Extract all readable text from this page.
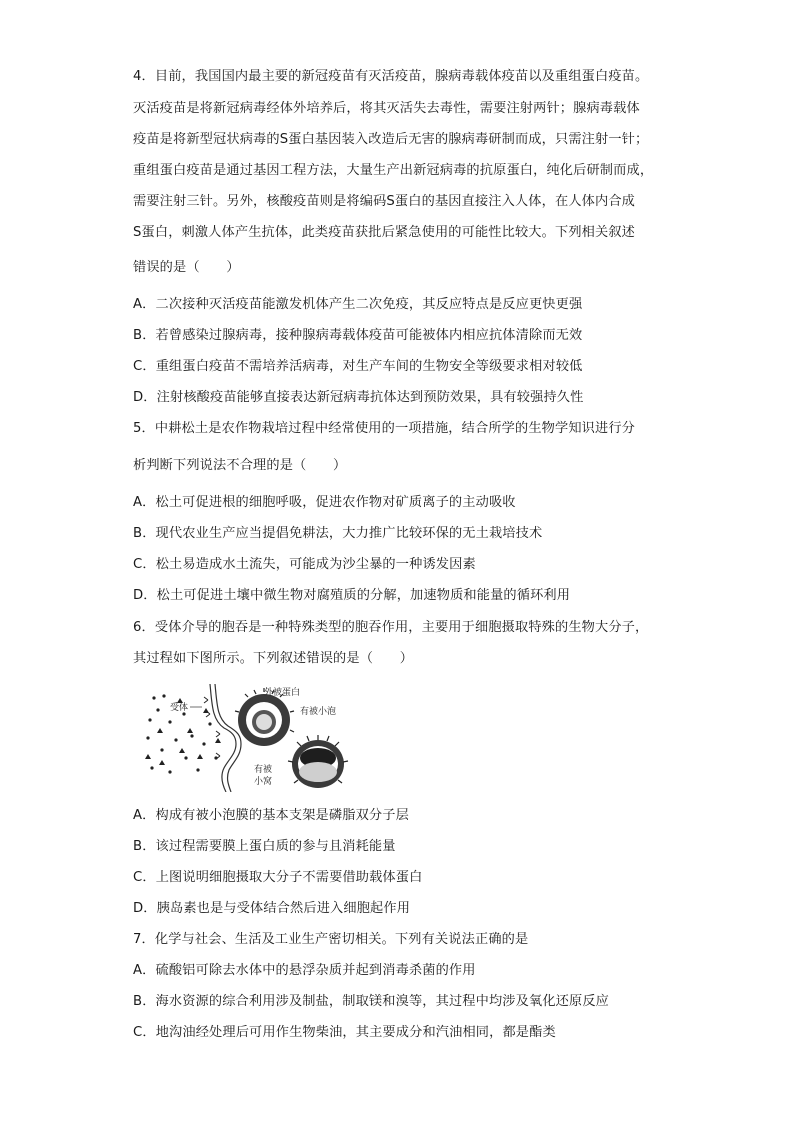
4．目前，我国国内最主要的新冠疫苗有灭活疫苗，腺病毒载体疫苗以及重组蛋白疫苗。
灭活疫苗是将新冠病毒经体外培养后，将其灭活失去毒性，需要注射两针；腺病毒载体
疫苗是将新型冠状病毒的S蛋白基因装入改造后无害的腺病毒研制而成，只需注射一针；
重组蛋白疫苗是通过基因工程方法，大量生产出新冠病毒的抗原蛋白，纯化后研制而成，
需要注射三针。另外，核酸疫苗则是将编码S蛋白的基因直接注入人体，在人体内合成
S蛋白，刺激人体产生抗体，此类疫苗获批后紧急使用的可能性比较大。下列相关叙述
错误的是（　　）
A．二次接种灭活疫苗能激发机体产生二次免疫，其反应特点是反应更快更强
B．若曾感染过腺病毒，接种腺病毒载体疫苗可能被体内相应抗体清除而无效
C．重组蛋白疫苗不需培养活病毒，对生产车间的生物安全等级要求相对较低
D．注射核酸疫苗能够直接表达新冠病毒抗体达到预防效果，具有较强持久性
5．中耕松土是农作物栽培过程中经常使用的一项措施，结合所学的生物学知识进行分
析判断下列说法不合理的是（　　）
A．松土可促进根的细胞呼吸，促进农作物对矿质离子的主动吸收
B．现代农业生产应当提倡免耕法，大力推广比较环保的无土栽培技术
C．松土易造成水土流失，可能成为沙尘暴的一种诱发因素
D．松土可促进土壤中微生物对腐殖质的分解，加速物质和能量的循环利用
6．受体介导的胞吞是一种特殊类型的胞吞作用，主要用于细胞摄取特殊的生物大分子，
其过程如下图所示。下列叙述错误的是（　　）
受体
外被蛋白
有被小泡
有被
小窝
A．构成有被小泡膜的基本支架是磷脂双分子层
B．该过程需要膜上蛋白质的参与且消耗能量
C．上图说明细胞摄取大分子不需要借助载体蛋白
D．胰岛素也是与受体结合然后进入细胞起作用
7．化学与社会、生活及工业生产密切相关。下列有关说法正确的是
A．硫酸铝可除去水体中的悬浮杂质并起到消毒杀菌的作用
B．海水资源的综合利用涉及制盐，制取镁和溴等，其过程中均涉及氧化还原反应
C．地沟油经处理后可用作生物柴油，其主要成分和汽油相同，都是酯类
